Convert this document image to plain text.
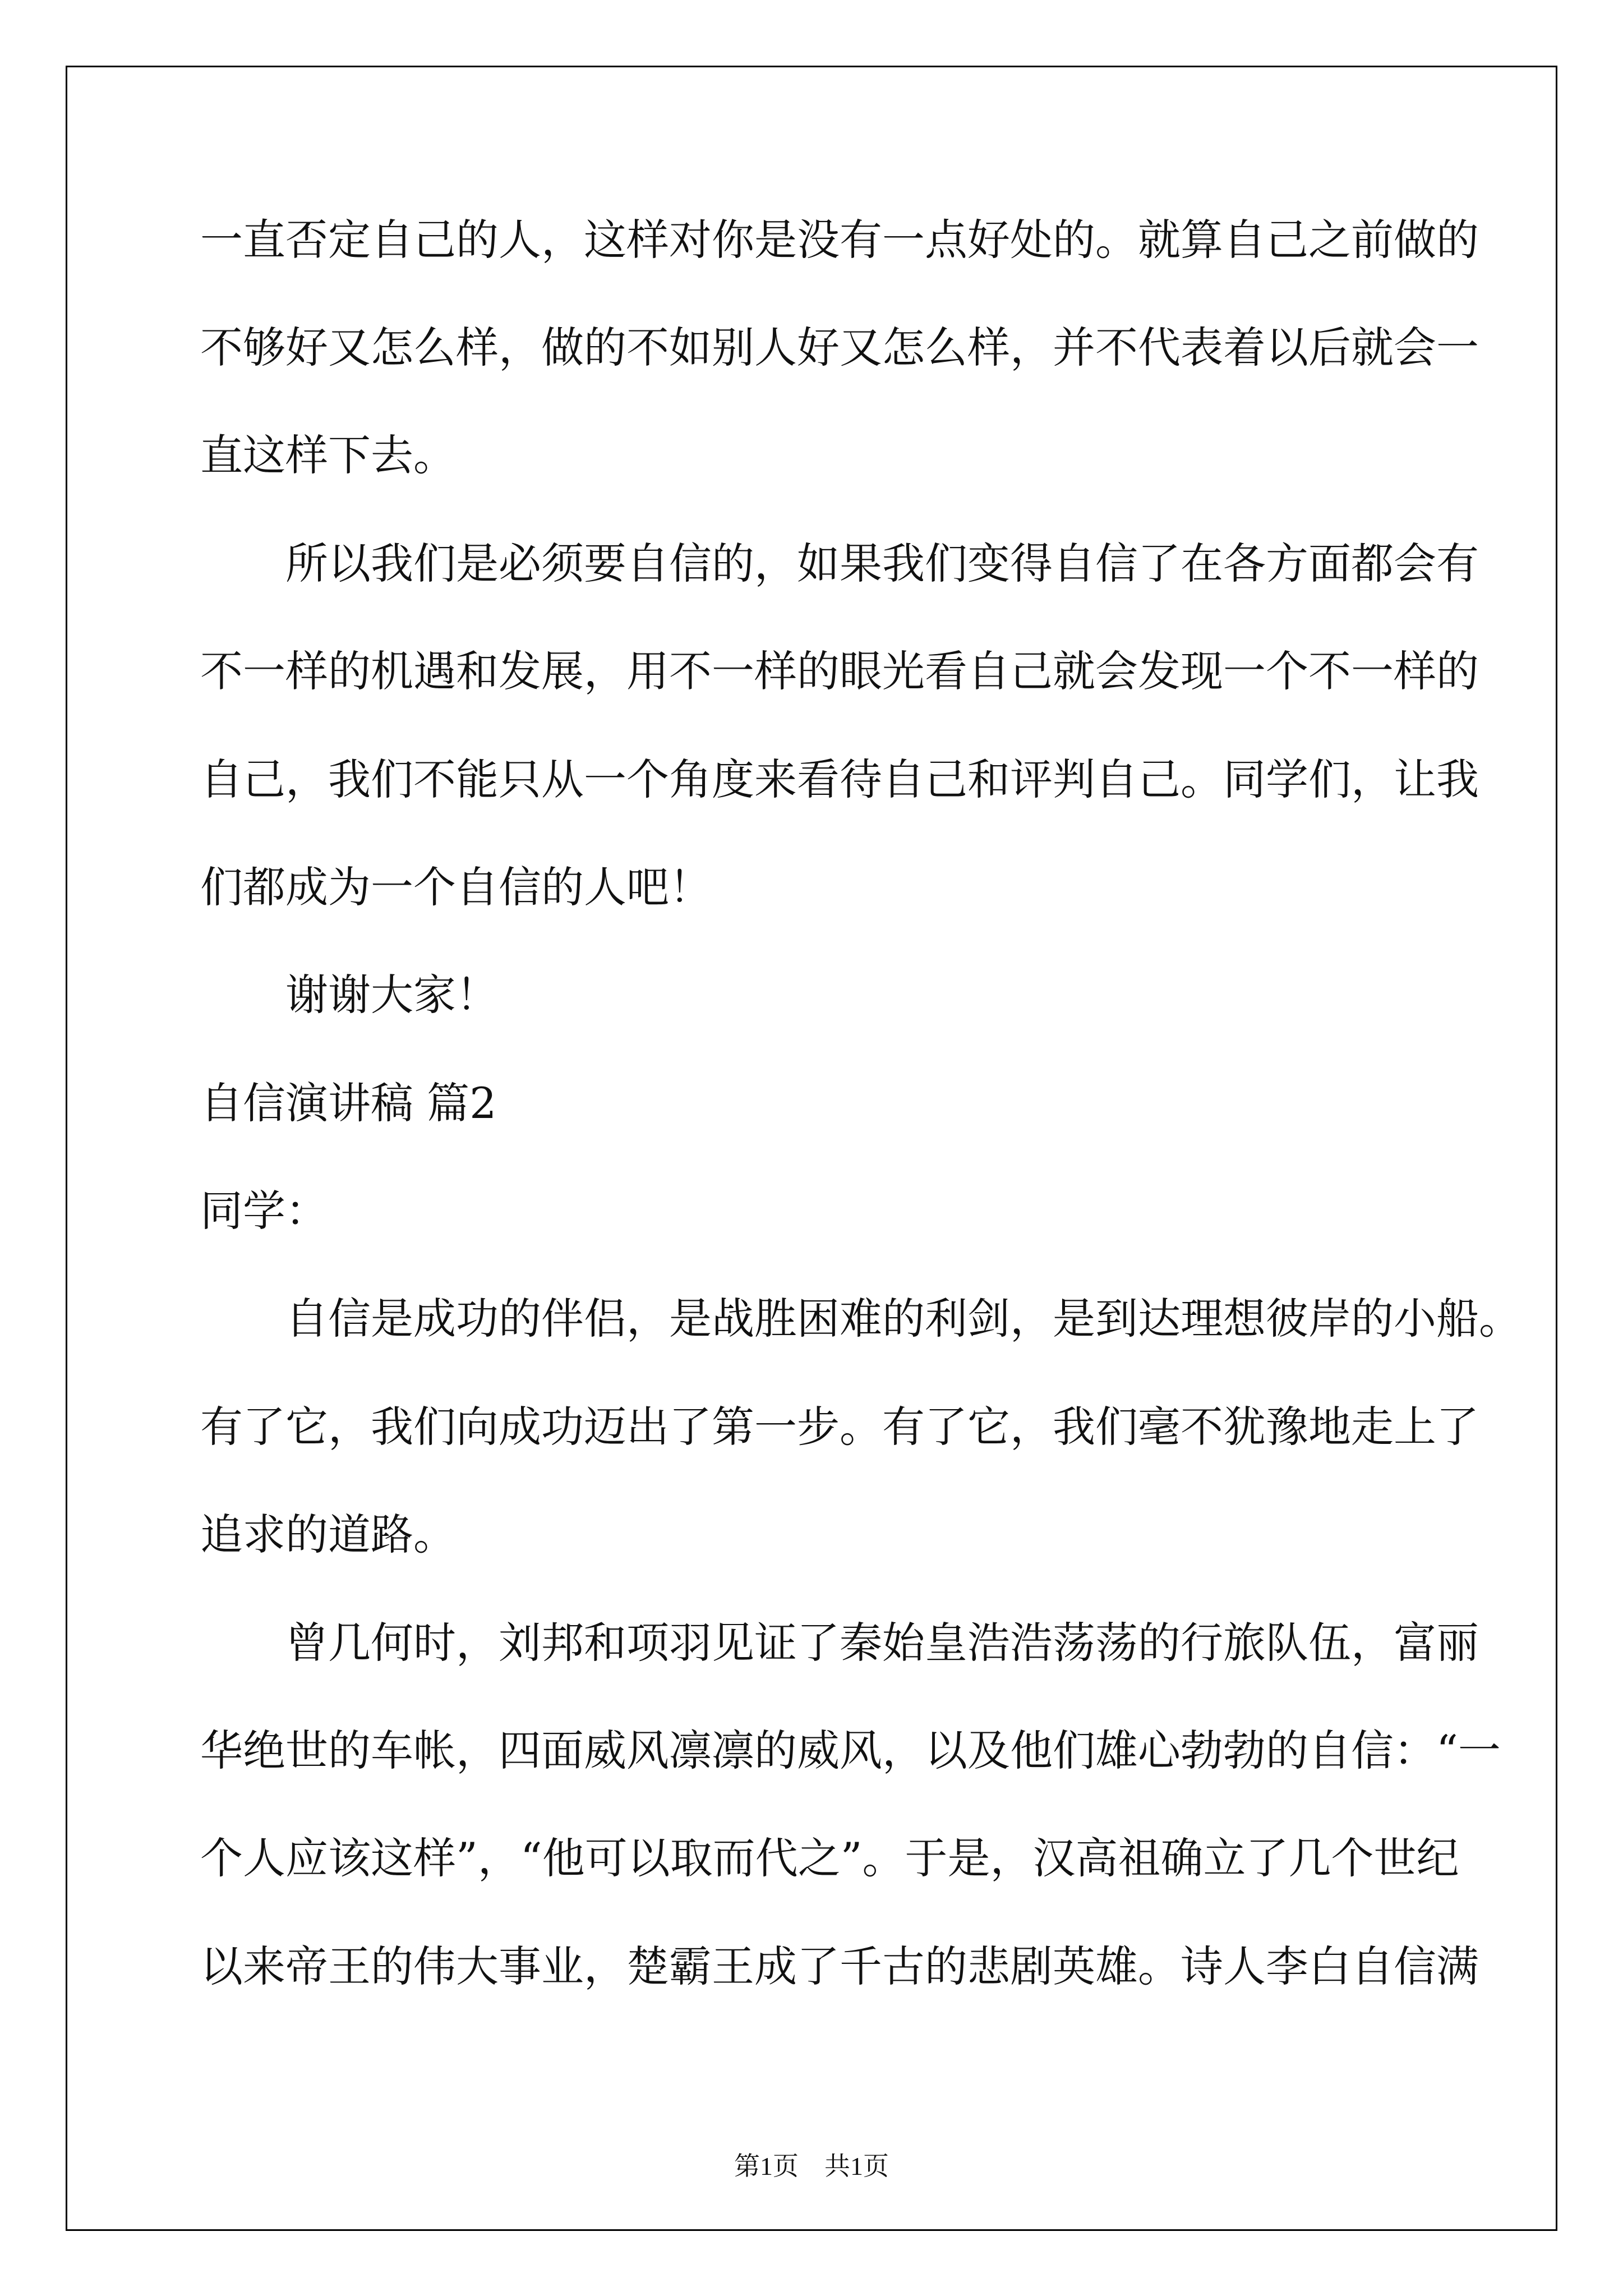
一直否定自己的人，这样对你是没有一点好处的。就算自己之前做的
不够好又怎么样，做的不如别人好又怎么样，并不代表着以后就会一
直这样下去。
所以我们是必须要自信的，如果我们变得自信了在各方面都会有
不一样的机遇和发展，用不一样的眼光看自己就会发现一个不一样的
自己，我们不能只从一个角度来看待自己和评判自己。同学们，让我
们都成为一个自信的人吧！
谢谢大家！
自信演讲稿 篇2
同学：
自信是成功的伴侣，是战胜困难的利剑，是到达理想彼岸的小船。
有了它，我们向成功迈出了第一步。有了它，我们毫不犹豫地走上了
追求的道路。
曾几何时，刘邦和项羽见证了秦始皇浩浩荡荡的行旅队伍，富丽
华绝世的车帐，四面威风凛凛的威风，以及他们雄心勃勃的自信：“一
个人应该这样”，“他可以取而代之”。于是，汉高祖确立了几个世纪
以来帝王的伟大事业，楚霸王成了千古的悲剧英雄。诗人李白自信满
第1页　共1页
